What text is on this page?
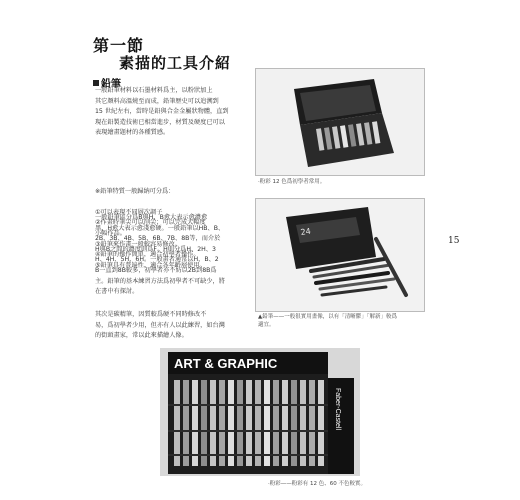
第一節
素描的工具介紹
鉛筆
一般鉛筆材料以石墨材料爲主，以粉狀加上
其它顏料高溫燒至而成，鉛筆歷史可以追溯到
15 世紀左右，當時是鉛與合金金屬狀物體，直到
現在鉛製造技術已相當進步，材質及硬度已可以
表現繪畫題材的各種質感。

※鉛筆特質一般歸納可分爲：

①可以表現不同層次調子
②作畫時筆尖可以削尖；可以完成大幅度
小幅作品。
③鉛筆來作畫一般較容易修改。
④鉛筆的操作簡單，適合初學者操作。
⑤鉛筆具有普遍性，適合各年齡層使用。

一般鉛筆區分爲B與H，B愈大表示愈濃愈
黑，H愈大表示愈淺愈硬。一般鉛筆以HB、B、
2B、3B、4B、5B、6B、7B、8B等，而介於
H與B之間的濃度則爲F。H則分爲H、2H、3
H、4H、5H、6H。一般畫者通常以H、B、2
B一直到8B較多，初學者亦不妨以2B到8B爲
主。鉛筆的基本練習方法爲初學者不可缺少，將
在書中有探討。
其次是碳精筆，因質較爲硬不同時修改不
易，爲初學者少用，但亦有人以此練習，如台灣
的街頭畫家，常以此來描繪人像。
·粉彩 12 色爲初學者常用。
24
▲鉛筆——一般很實用畫像，以有「清晰鬱」「解新」較爲
適宜。
15
ART & GRAPHIC
Faber-Castell
·粉彩——粉彩有 12 色、60 不色較實。
